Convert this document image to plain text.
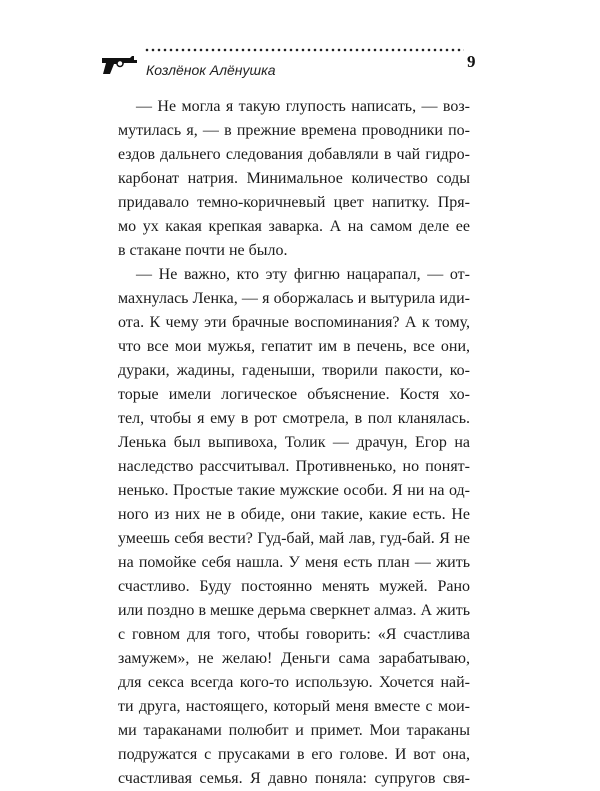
Козлёнок Алёнушка	9
— Не могла я такую глупость написать, — воз-
мутилась я, — в прежние времена проводники по-
ездов дальнего следования добавляли в чай гидро-
карбонат натрия. Минимальное количество соды
придавало темно-коричневый цвет напитку. Пря-
мо ух какая крепкая заварка. А на самом деле ее
в стакане почти не было.
— Не важно, кто эту фигню нацарапал, — от-
махнулась Ленка, — я оборжалась и вытурила иди-
ота. К чему эти брачные воспоминания? А к тому,
что все мои мужья, гепатит им в печень, все они,
дураки, жадины, гаденыши, творили пакости, ко-
торые имели логическое объяснение. Костя хо-
тел, чтобы я ему в рот смотрела, в пол кланялась.
Ленька был выпивоха, Толик — драчун, Егор на
наследство рассчитывал. Противненько, но понят-
ненько. Простые такие мужские особи. Я ни на од-
ного из них не в обиде, они такие, какие есть. Не
умеешь себя вести? Гуд-бай, май лав, гуд-бай. Я не
на помойке себя нашла. У меня есть план — жить
счастливо. Буду постоянно менять мужей. Рано
или поздно в мешке дерьма сверкнет алмаз. А жить
с говном для того, чтобы говорить: «Я счастлива
замужем», не желаю! Деньги сама зарабатываю,
для секса всегда кого-то использую. Хочется най-
ти друга, настоящего, который меня вместе с мои-
ми тараканами полюбит и примет. Мои тараканы
подружатся с прусаками в его голове. И вот она,
счастливая семья. Я давно поняла: супругов свя-
